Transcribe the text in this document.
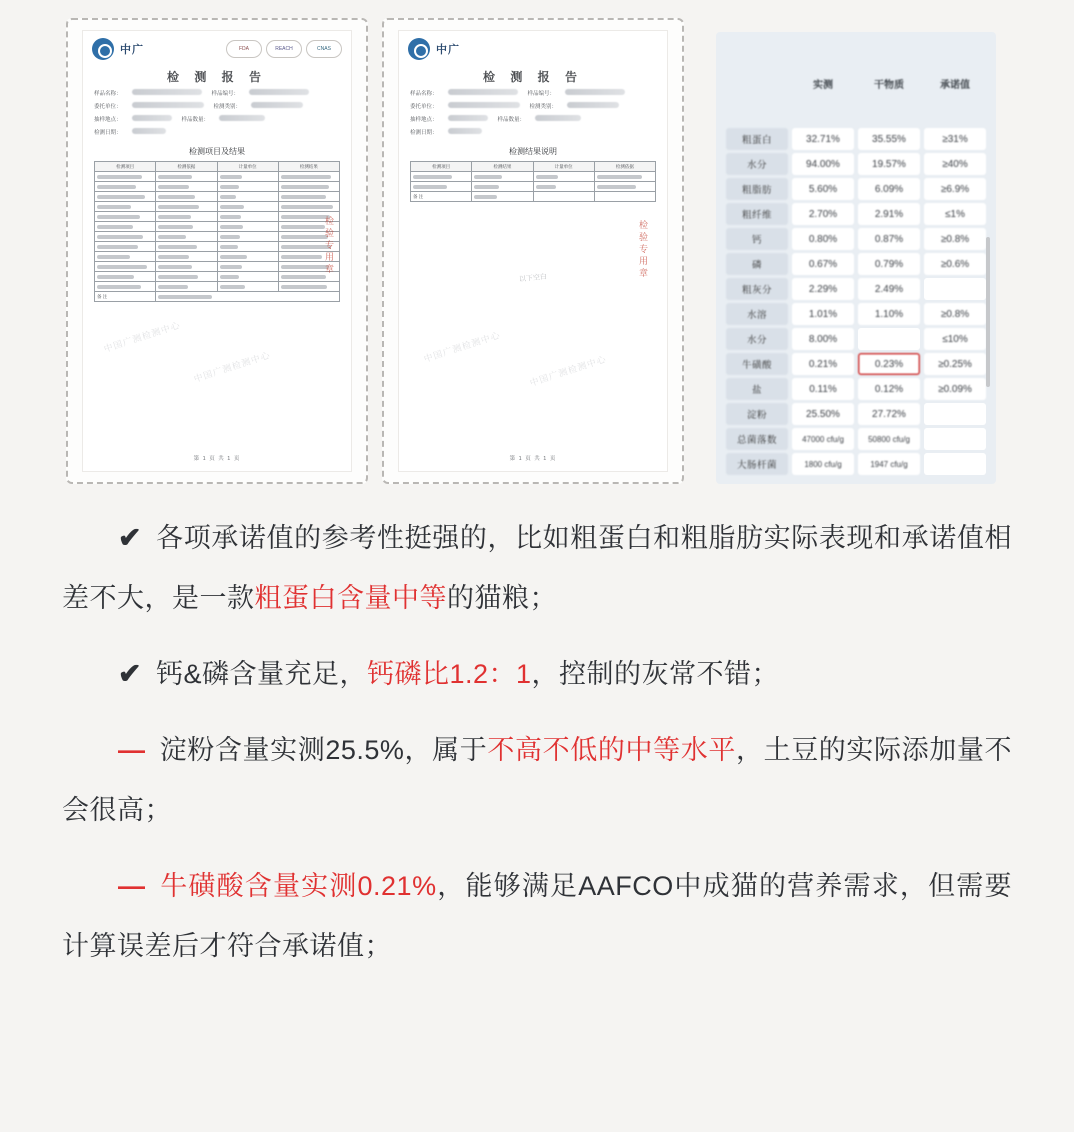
中广	FDA	REACH	CNAS
检 测 报 告
样品名称：	样品编号：
委托单位：	检测类别：
抽样地点：	样品数量：
检测日期：
检测项目及结果
检测项目	检测依据	计量单位	检测结果

备 注			
中国广测检测中心
中国广测检测中心
检验专用章
第 1 页 共 1 页
中广
检 测 报 告
样品名称：	样品编号：
委托单位：	检测类别：
抽样地点：	样品数量：
检测日期：
检测结果说明
检测项目	检测结果	计量单位	检测依据

备 注	

以下空白
中国广测检测中心
中国广测检测中心
检验专用章
第 1 页 共 1 页
	实测	干物质	承诺值
粗蛋白	32.71%	35.55%	≥31%
水分	94.00%	19.57%	≥40%
粗脂肪	5.60%	6.09%	≥6.9%
粗纤维	2.70%	2.91%	≤1%
钙	0.80%	0.87%	≥0.8%
磷	0.67%	0.79%	≥0.6%
粗灰分	2.29%	2.49%	
水溶	1.01%	1.10%	≥0.8%
水分	8.00%		≤10%
牛磺酸	0.21%	0.23%	≥0.25%
盐	0.11%	0.12%	≥0.09%
淀粉	25.50%	27.72%	
总菌落数	47000 cfu/g	50800 cfu/g	
大肠杆菌	1800 cfu/g	1947 cfu/g	

✔ 各项承诺值的参考性挺强的，比如粗蛋白和粗脂肪实际表现和承诺值相差不大，是一款粗蛋白含量中等的猫粮；

✔ 钙&磷含量充足，钙磷比1.2：1，控制的灰常不错；

— 淀粉含量实测25.5%，属于不高不低的中等水平，土豆的实际添加量不会很高；

— 牛磺酸含量实测0.21%，能够满足AAFCO中成猫的营养需求，但需要计算误差后才符合承诺值；
